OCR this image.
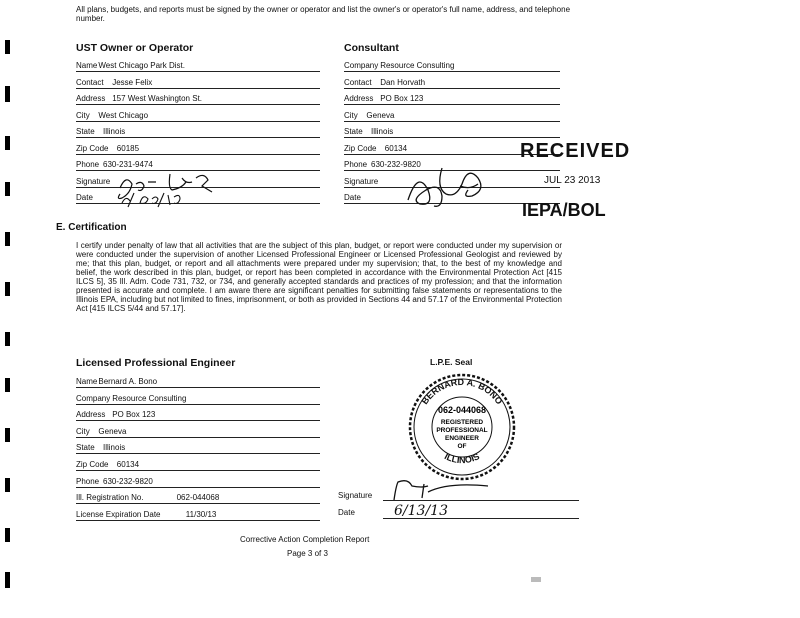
All plans, budgets, and reports must be signed by the owner or operator and list the owner's or operator's full name, address, and telephone number.
UST Owner or Operator
Name West Chicago Park Dist.
Contact Jesse Felix
Address 157 West Washington St.
City West Chicago
State Illinois
Zip Code 60185
Phone 630-231-9474
Signature
Date
Consultant
Company Resource Consulting
Contact Dan Horvath
Address PO Box 123
City Geneva
State Illinois
Zip Code 60134
Phone 630-232-9820
Signature
Date
RECEIVED
JUL 23 2013
IEPA/BOL
E. Certification
I certify under penalty of law that all activities that are the subject of this plan, budget, or report were conducted under my supervision or were conducted under the supervision of another Licensed Professional Engineer or Licensed Professional Geologist and reviewed by me; that this plan, budget, or report and all attachments were prepared under my supervision; that, to the best of my knowledge and belief, the work described in this plan, budget, or report has been completed in accordance with the Environmental Protection Act [415 ILCS 5], 35 Ill. Adm. Code 731, 732, or 734, and generally accepted standards and practices of my profession; and that the information presented is accurate and complete. I am aware there are significant penalties for submitting false statements or representations to the Illinois EPA, including but not limited to fines, imprisonment, or both as provided in Sections 44 and 57.17 of the Environmental Protection Act [415 ILCS 5/44 and 57.17].
Licensed Professional Engineer
Name Bernard A. Bono
Company Resource Consulting
Address PO Box 123
City Geneva
State Illinois
Zip Code 60134
Phone 630-232-9820
Ill. Registration No.	062-044068
License Expiration Date	11/30/13
Signature
Date	6/13/13
L.P.E. Seal
BERNARD A. BONO
ILLINOIS
062-044068
REGISTERED
PROFESSIONAL
ENGINEER
OF
Corrective Action Completion Report
Page 3 of 3
